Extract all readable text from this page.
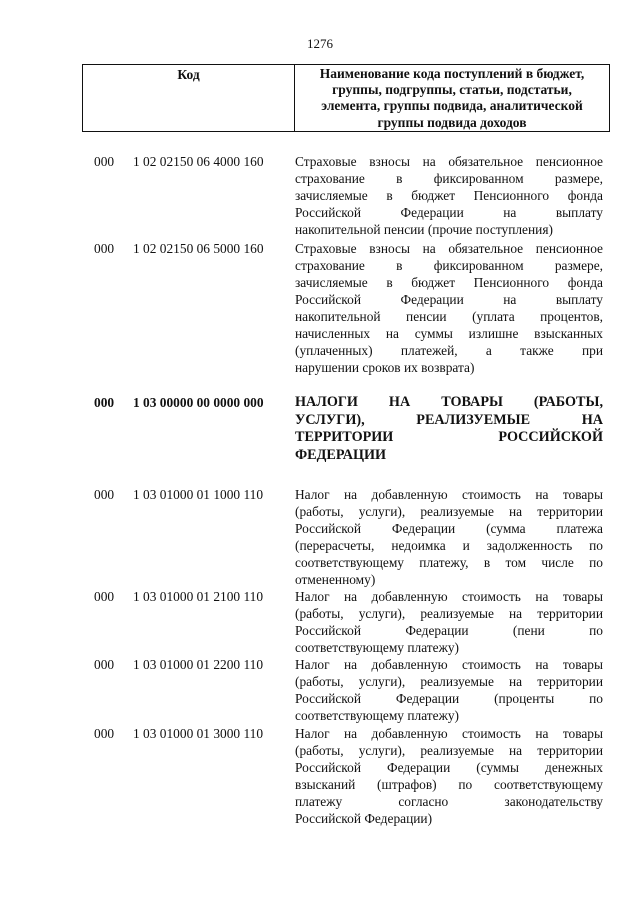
1276
Код	Наименование кода поступлений в бюджет,
группы, подгруппы, статьи, подстатьи,
элемента, группы подвида, аналитической
группы подвида доходов
000	1 02 02150 06 4000 160	Страховые взносы на обязательное пенсионное
страхование в фиксированном размере,
зачисляемые в бюджет Пенсионного фонда
Российской Федерации на выплату
накопительной пенсии (прочие поступления)
000	1 02 02150 06 5000 160	Страховые взносы на обязательное пенсионное
страхование в фиксированном размере,
зачисляемые в бюджет Пенсионного фонда
Российской Федерации на выплату
накопительной пенсии (уплата процентов,
начисленных на суммы излишне взысканных
(уплаченных) платежей, а также при
нарушении сроков их возврата)
000	1 03 00000 00 0000 000	НАЛОГИ НА ТОВАРЫ (РАБОТЫ,
УСЛУГИ), РЕАЛИЗУЕМЫЕ НА
ТЕРРИТОРИИ РОССИЙСКОЙ
ФЕДЕРАЦИИ
000	1 03 01000 01 1000 110	Налог на добавленную стоимость на товары
(работы, услуги), реализуемые на территории
Российской Федерации (сумма платежа
(перерасчеты, недоимка и задолженность по
соответствующему платежу, в том числе по
отмененному)
000	1 03 01000 01 2100 110	Налог на добавленную стоимость на товары
(работы, услуги), реализуемые на территории
Российской Федерации (пени по
соответствующему платежу)
000	1 03 01000 01 2200 110	Налог на добавленную стоимость на товары
(работы, услуги), реализуемые на территории
Российской Федерации (проценты по
соответствующему платежу)
000	1 03 01000 01 3000 110	Налог на добавленную стоимость на товары
(работы, услуги), реализуемые на территории
Российской Федерации (суммы денежных
взысканий (штрафов) по соответствующему
платежу согласно законодательству
Российской Федерации)
